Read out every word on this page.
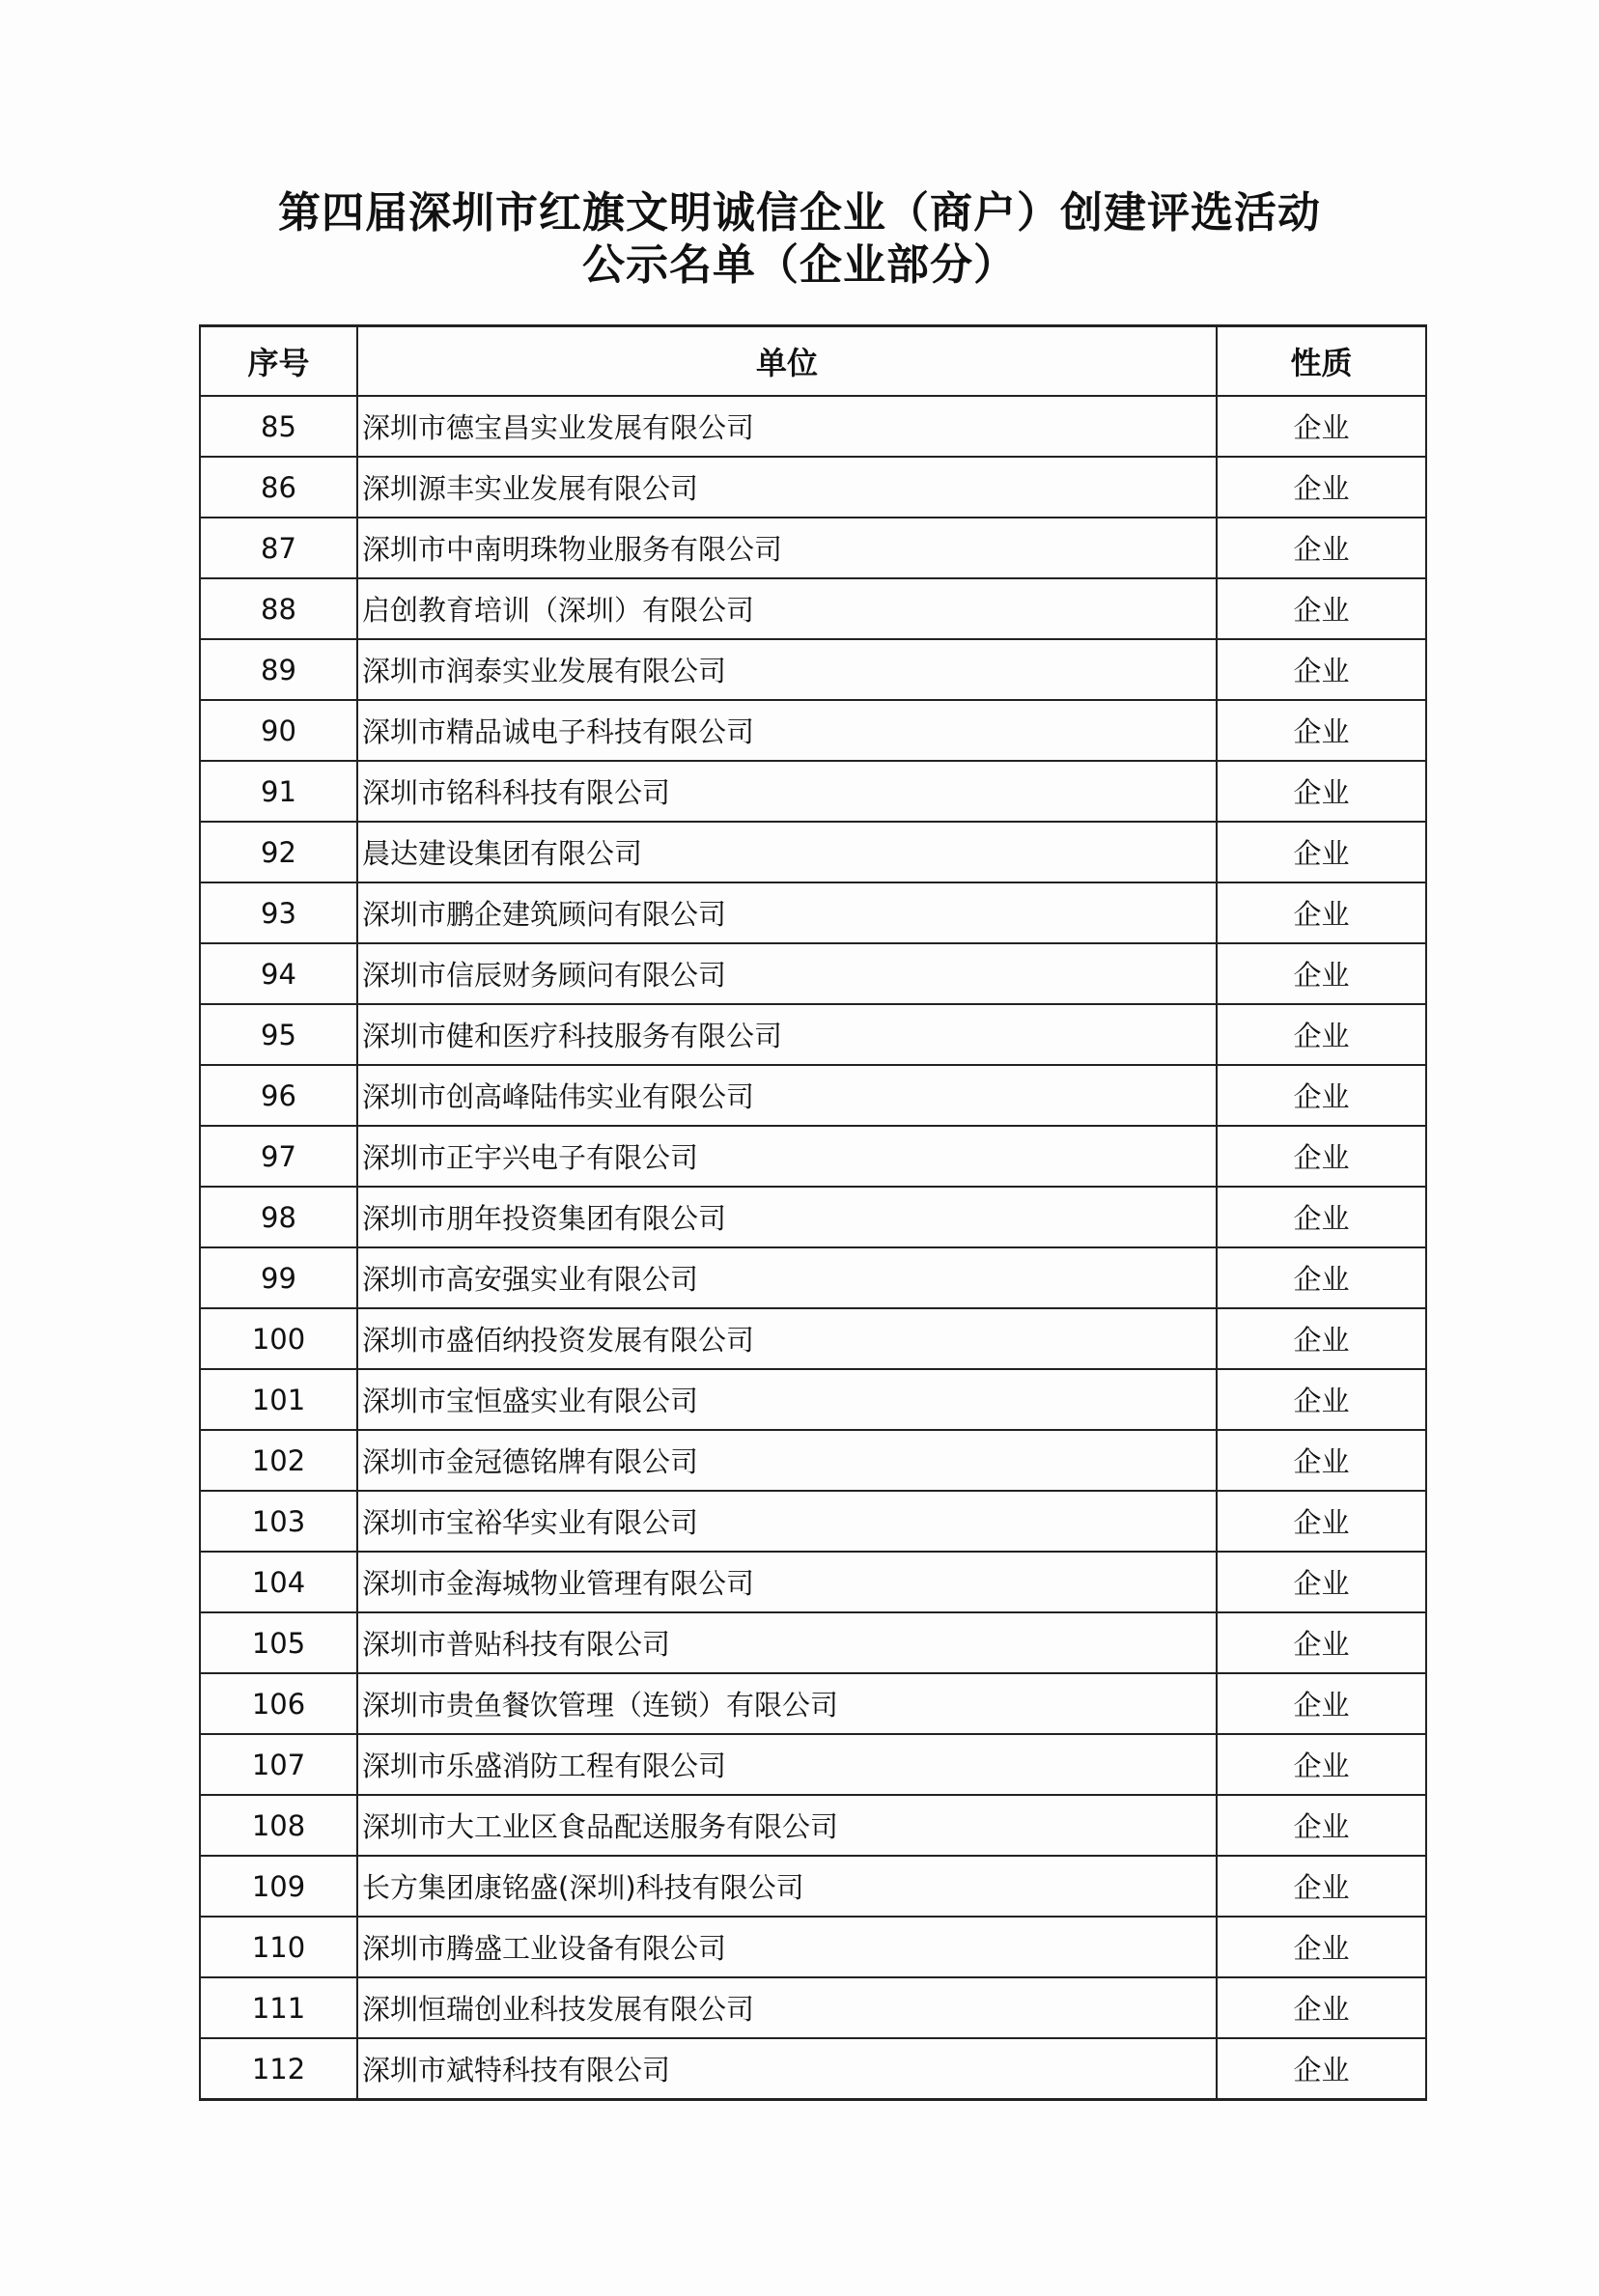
第四届深圳市红旗文明诚信企业（商户）创建评选活动
公示名单（企业部分）
序号	单位	性质
85	深圳市德宝昌实业发展有限公司	企业
86	深圳源丰实业发展有限公司	企业
87	深圳市中南明珠物业服务有限公司	企业
88	启创教育培训（深圳）有限公司	企业
89	深圳市润泰实业发展有限公司	企业
90	深圳市精品诚电子科技有限公司	企业
91	深圳市铭科科技有限公司	企业
92	晨达建设集团有限公司	企业
93	深圳市鹏企建筑顾问有限公司	企业
94	深圳市信辰财务顾问有限公司	企业
95	深圳市健和医疗科技服务有限公司	企业
96	深圳市创高峰陆伟实业有限公司	企业
97	深圳市正宇兴电子有限公司	企业
98	深圳市朋年投资集团有限公司	企业
99	深圳市高安强实业有限公司	企业
100	深圳市盛佰纳投资发展有限公司	企业
101	深圳市宝恒盛实业有限公司	企业
102	深圳市金冠德铭牌有限公司	企业
103	深圳市宝裕华实业有限公司	企业
104	深圳市金海城物业管理有限公司	企业
105	深圳市普贴科技有限公司	企业
106	深圳市贵鱼餐饮管理（连锁）有限公司	企业
107	深圳市乐盛消防工程有限公司	企业
108	深圳市大工业区食品配送服务有限公司	企业
109	长方集团康铭盛(深圳)科技有限公司	企业
110	深圳市腾盛工业设备有限公司	企业
111	深圳恒瑞创业科技发展有限公司	企业
112	深圳市斌特科技有限公司	企业
